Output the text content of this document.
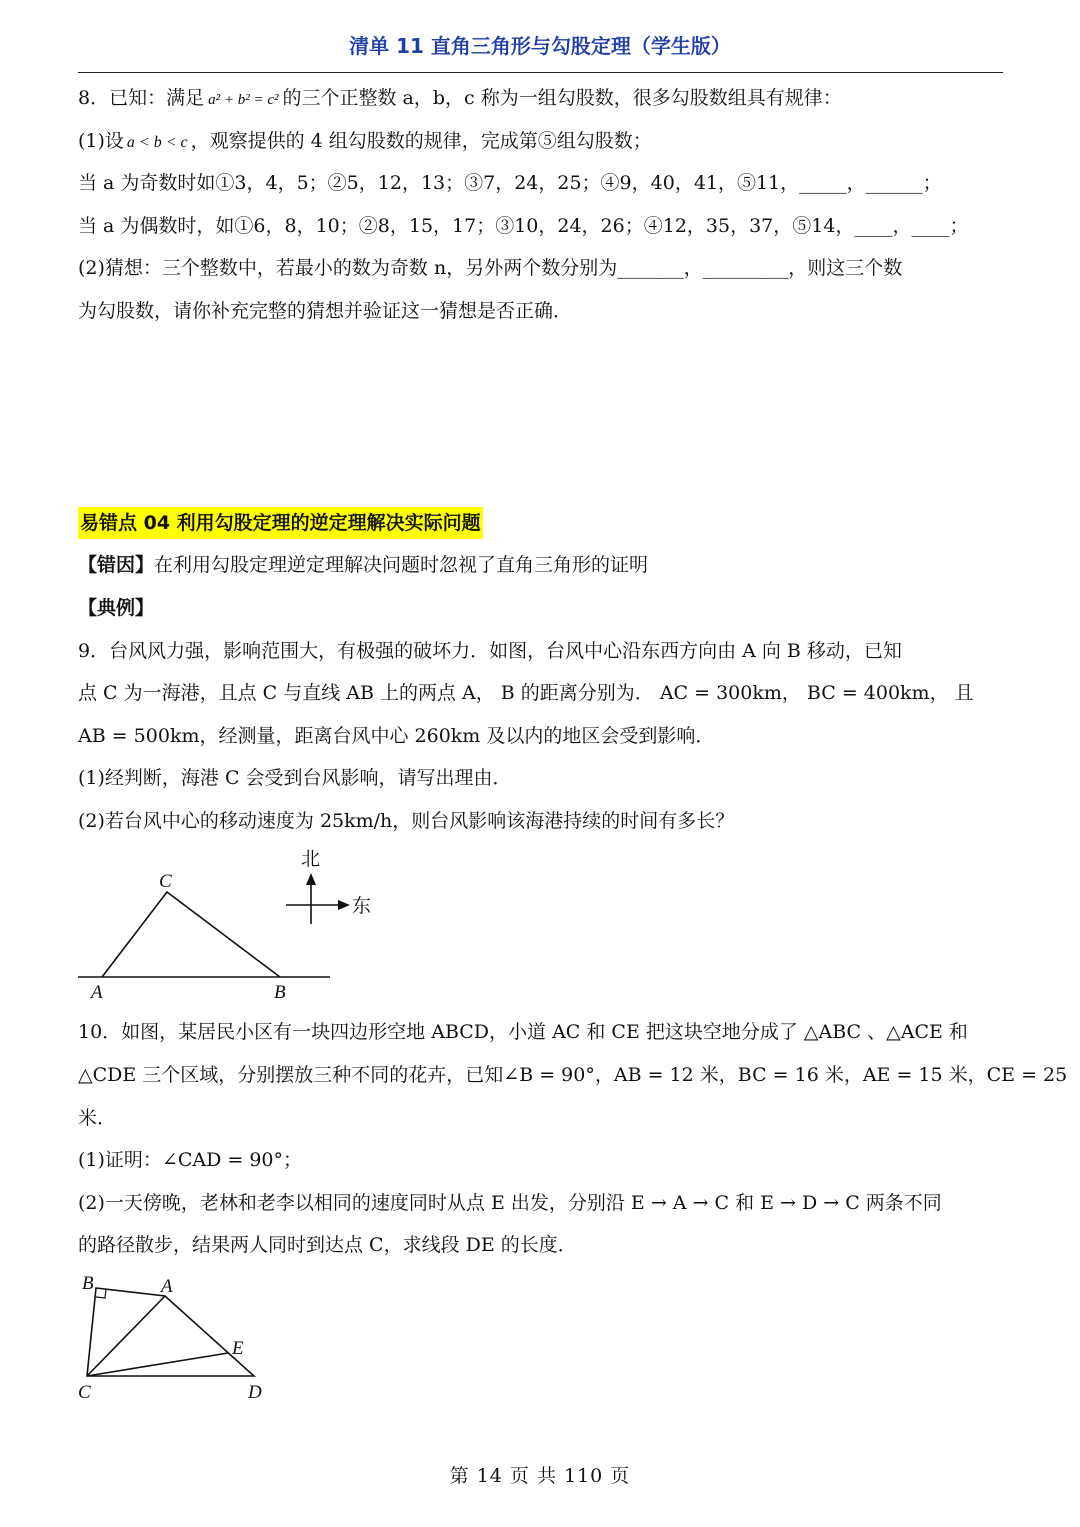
清单 11 直角三角形与勾股定理（学生版）
8．已知：满足 a² + b² = c² 的三个正整数 a，b，c 称为一组勾股数，很多勾股数组具有规律：
(1)设 a < b < c ，观察提供的 4 组勾股数的规律，完成第⑤组勾股数；
当 a 为奇数时如①3，4，5；②5，12，13；③7，24，25；④9，40，41，⑤11，_____，______；
当 a 为偶数时，如①6，8，10；②8，15，17；③10，24，26；④12，35，37，⑤14，____，____；
(2)猜想：三个整数中，若最小的数为奇数 n，另外两个数分别为_______，_________，则这三个数
为勾股数，请你补充完整的猜想并验证这一猜想是否正确．
易错点 04 利用勾股定理的逆定理解决实际问题
【错因】在利用勾股定理逆定理解决问题时忽视了直角三角形的证明
【典例】
9．台风风力强，影响范围大，有极强的破坏力．如图，台风中心沿东西方向由 A 向 B 移动，已知
点 C 为一海港，且点 C 与直线 AB 上的两点 A， B 的距离分别为． AC = 300km， BC = 400km， 且
AB = 500km，经测量，距离台风中心 260km 及以内的地区会受到影响．
(1)经判断，海港 C 会受到台风影响，请写出理由．
(2)若台风中心的移动速度为 25km/h，则台风影响该海港持续的时间有多长？
C
A	B
北
东
10．如图，某居民小区有一块四边形空地 ABCD，小道 AC 和 CE 把这块空地分成了 △ABC 、△ACE 和
△CDE 三个区域，分别摆放三种不同的花卉，已知∠B = 90°，AB = 12 米，BC = 16 米，AE = 15 米，CE = 25
米．
(1)证明：∠CAD = 90°；
(2)一天傍晚，老林和老李以相同的速度同时从点 E 出发，分别沿 E → A → C 和 E → D → C 两条不同
的路径散步，结果两人同时到达点 C，求线段 DE 的长度．
B	A
E
C	D
第 14 页 共 110 页
